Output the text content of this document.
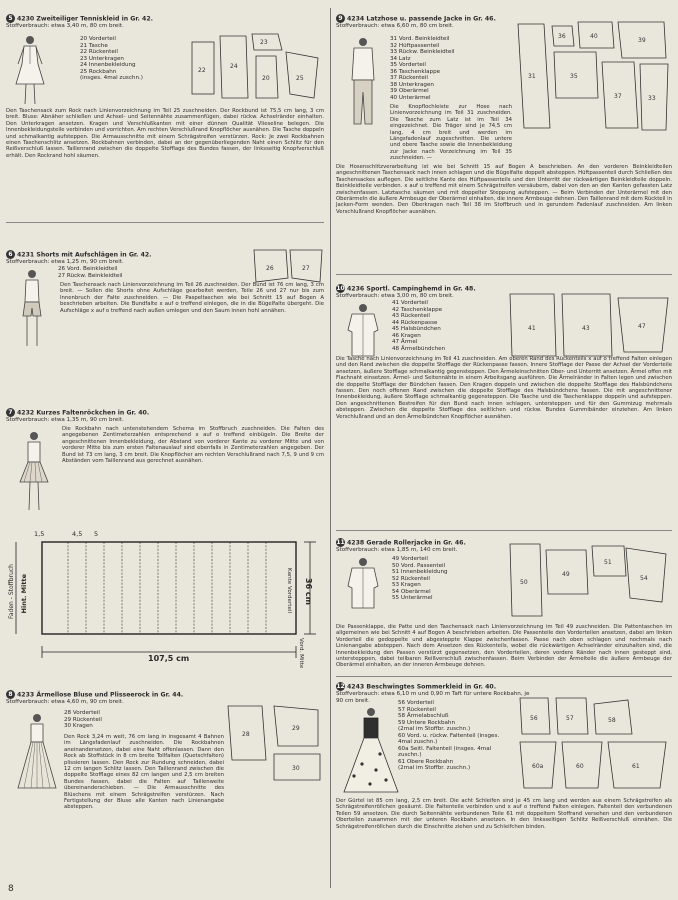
5 4230 Zweiteiliger Tenniskleid in Gr. 42.

Stoffverbrauch: etwa 3,40 m, 80 cm breit.

20 Vorderteil
21 Tasche
22 Rückenteil
23 Unterkragen
24 Innenbekleidung
25 Rockbahn
(insges. 4mal zuschn.)
22
24
23
20	25
Den Taschensack zum Rock nach Linienvorzeichnung im Teil 25 zuschneiden. Der Rockbund ist 75,5 cm lang, 3 cm breit. Bluse: Abnäher schließen und Achsel- und Seitennähte zusammenfügen, dabei rückw. Achselränder einhalten. Den Unterkragen ansetzen. Kragen und Verschlußkanten mit einer dünnen Qualität Vlieseline belegen. Die Innenbekleidungsteile verbinden und vorrichten. Am rechten Verschlußrand Knopflöcher ausnähen. Die Tasche doppeln und schmalkantig aufsteppen. Die Armausschnitte mit einem Schrägstreifen verstürzen. Rock: Je zwei Rockbahnen einen Taschenschlitz ansetzen. Rockbahnen verbinden, dabei an der gegenüberliegenden Naht einen Schlitz für den Reißverschluß lassen. Taillenrand zwischen die doppelte Stofflage des Bundes fassen, der linksseitig Knopfverschluß erhält. Den Rockrand hohl säumen.

6 4231 Shorts mit Aufschlägen in Gr. 42.

Stoffverbrauch: etwa 1,25 m, 90 cm breit.

26 Vord. Beinkleidteil
27 Rückw. Beinkleidteil
26	27
Den Taschensack nach Linienvorzeichnung im Teil 26 zuschneiden. Der Bund ist 76 cm lang, 3 cm breit. — Sollen die Shorts ohne Aufschläge gearbeitet werden, Teile 26 und 27 nur bis zum Innenbruch der Falte zuschneiden. — Die Paspeltaschen wie bei Schnitt 15 auf Bogen A beschrieben arbeiten. Die Bundfalte x auf o treffend einlegen, die in die Bügelfalte übergeht. Die Aufschläge x auf o treffend nach außen umlegen und den Saum innen hohl annähen.

7 4232 Kurzes Faltenröckchen in Gr. 40.

Stoffverbrauch: etwa 1,35 m, 90 cm breit.

Die Rockbahn nach untenstehendem Schema im Stoffbruch zuschneiden. Die Falten des angegebenen Zentimeterzahlen entsprechend x auf o treffend einbügeln. Die Breite der angeschnittenen Innenbekleidung, der Abstand von vorderer Kante zu vorderer Mitte und von vorderer Mitte bis zum ersten Faltenauslauf sind ebenfalls in Zentimeterzahlen angegeben. Der Bund ist 73 cm lang, 3 cm breit. Die Knopflöcher am rechten Verschlußrand nach 7,5, 9 und 9 cm Abständen vom Taillenrand aus gerechnet ausnähen.
107,5 cm
36 cm
1,5	4,5 5
Hint. Mitte
Faden - Stoffbruch	Kante Vorderteil
Vord. Mitte

8 4233 Ärmellose Bluse und Plisseerock in Gr. 44.

Stoffverbrauch: etwa 4,60 m, 90 cm breit.

28 Vorderteil
29 Rückenteil
30 Kragen
28
29
30
Den Rock 3,24 m weit, 76 cm lang in insgesamt 4 Bahnen im Längsfadenlauf zuschneiden. Die Rockbahnen aneinandersetzen, dabei eine Naht offenlassen. Dann den Rock ab Stoffstück in 8 cm breite Tollfalten (Quetschfalten) plissieren lassen. Den Rock zur Rundung schneiden, dabei 12 cm langen Schlitz lassen. Den Taillenrand zwischen die doppelte Stofflage eines 82 cm langen und 2,5 cm breiten Bundes fassen, dabei die Falten auf Taillenweite übereinanderschieben. — Die Armausschnitte des Blüschens mit einem Schrägstreifen verstürzen. Nach Fertigstellung der Bluse alle Kanten nach Linienangabe absteppen.
8

9 4234 Latzhose u. passende Jacke in Gr. 46.

Stoffverbrauch: etwa 6,60 m, 80 cm breit.

31 Vord. Beinkleidteil
32 Hüftpassenteil
33 Rückw. Beinkleidteil
34 Latz
35 Vorderteil
36 Taschenklappe
37 Rückenteil
38 Unterkragen
39 Oberärmel
40 Unterärmel
Die Knopflochleiste zur Hose nach Linienvorzeichnung im Teil 31 zuschneiden. Die Tasche zum Latz ist im Teil 34 eingezeichnet. Die Träger sind je 74,5 cm lang, 4 cm breit und werden im Längsfadenlauf zugeschnitten. Die untere und obere Tasche sowie die Innenbekleidung zur Jacke nach Vorzeichnung im Teil 35 zuschneiden. —
31
36	40
39
35
37	33
Die Hosenschlitzverarbeitung ist wie bei Schnitt 15 auf Bogen A beschrieben. An den vorderen Beinkleidteilen angeschnittenen Taschensack nach innen schlagen und die Bügelfalte doppelt absteppen. Hüftpassenteil durch Schließen des Taschensackes auflegen. Die seitliche Kante des Hüftpassenteils und den Unterritt der rückwärtigen Beinkleidteile doppeln. Beinkleidteile verbinden. x auf o treffend mit einem Schrägstreifen versäubern, dabei von den an den Kanten gefassten Latz zwischenfassen. Latztasche säumen und mit doppelter Steppung aufsteppen. — Beim Verbinden der Unterärmel mit den Oberärmeln die äußere Armbeuge der Oberärmel einhalten, die innere Armbeuge dehnen. Den Taillenrand mit dem Rückteil in Jacken-Form wenden. Den Oberkragen nach Teil 38 im Stoffbruch und in gerundem Fadenlauf zuschneiden. Am linken Verschlußrand Knopflöcher ausnähen.

10 4236 Sportl. Campinghemd in Gr. 48.

Stoffverbrauch: etwa 3,00 m, 80 cm breit.

41 Vorderteil
42 Taschenklappe
43 Rückenteil
44 Rückenpasse
45 Halsbündchen
46 Kragen
47 Ärmel
48 Ärmelbündchen
41	43	47
Die Tasche nach Linienvorzeichnung im Teil 41 zuschneiden. Am oberen Rand des Rückenteils x auf o treffend Falten einlegen und den Rand zwischen die doppelte Stofflage der Rückenpasse fassen. Innere Stofflage der Passe der Achsel der Vorderteile ansetzen, äußere Stofflage schmalkantig gegensteppen. Den Ärmeleinschnitten Ober- und Unterritt ansetzen. Ärmel offen mit Flachnaht einsetzen. Ärmel- und Seitennähte in einem Arbeitsgang ausführen. Die Ärmelränder in Falten legen und zwischen die doppelte Stofflage der Bündchen fassen. Den Kragen doppeln und zwischen die doppelte Stofflage des Halsbündchens fassen. Den noch offenen Rand zwischen die doppelte Stofflage des Halsbündchens fassen. Die mit angeschnittener Innenbekleidung, äußere Stofflage schmalkantig gegensteppen. Die Tasche und die Taschenklappe doppeln und aufsteppen. Den angeschnittenen Bestreifen für den Bund nach innen schlagen, untersteppen und für den Gummizug mehrmals absteppen. Zwischen die doppelte Stofflage des seitlichen und rückw. Bundes Gummibänder einziehen. Am linken Verschlußrand und an den Ärmelbündchen Knopflöcher ausnähen.

11 4238 Gerade Rollerjacke in Gr. 46.

Stoffverbrauch: etwa 1,85 m, 140 cm breit.

49 Vorderteil
50 Vord. Passenteil
51 Innenbekleidung
52 Rückenteil
53 Kragen
54 Oberärmel
55 Unterärmel
50
49
51
54
Die Passenklappe, die Patte und den Taschensack nach Linienvorzeichnung im Teil 49 zuschneiden. Die Pattentaschen im allgemeinen wie bei Schnitt 4 auf Bogen A beschrieben arbeiten. Die Passenteile den Vorderteilen ansetzen, dabei am linken Vorderteil die gedoppelte und abgesteppte Klappe zwischenfassen. Passe nach oben schlagen und nochmals nach Linienangabe absteppen. Nach dem Ansetzen des Rückenteils, wobei die rückwärtigen Achselränder einzuhalten sind, die Innenbekleidung den Passen verstürzt gegensetzen, den Vorderteilen, deren vordere Ränder nach innen gesteppt sind, unterstepppen, dabei teilbaren Reißverschluß zwischenfassen. Beim Verbinden der Ärmelteile die äußere Armbeuge der Oberärmel einhalten, an der inneren Armbeuge dehnen.

12 4243 Beschwingtes Sommerkleid in Gr. 40.

Stoffverbrauch: etwa 6,10 m und 0,90 m Taft für untere Rockbahn, je 90 cm breit.	56 Vorderteil
57 Rückenteil
58 Ärmelabschluß
59 Untere Rockbahn
(2mal im Stoffbr. zuschn.)
60 Vord. u. rückw. Faltenteil (insges. 4mal zuschn.)
60a Seitl. Faltenteil (insges. 4mal zuschn.)
61 Obere Rockbahn
(2mal im Stoffbr. zuschn.)
56	57	58
60a	60	61
Der Gürtel ist 85 cm lang, 2,5 cm breit. Die acht Schleifen sind je 45 cm lang und werden aus einem Schrägstreifen als Schrägstreifenröllchen gesäumt. Die Faltenteile verbinden und x auf o treffend Falten einlegen. Faltenteil den verbundenen Teilen 59 ansetzen. Die durch Seitennähte verbundenen Teile 61 mit doppeltem Stoffrand versehen und den verbundenen Oberteilen zusammen mit der unteren Rockbahn ansetzen. In den linksseitigen Schlitz Reißverschluß einnähen. Die Schrägstreifenröllchen durch die Einschnitte ziehen und zu Schleifchen binden.
